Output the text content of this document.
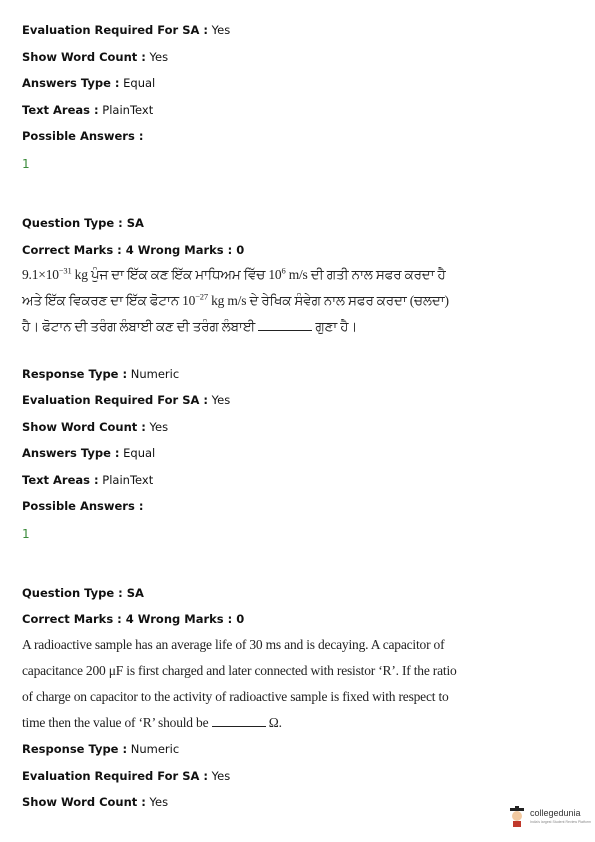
Evaluation Required For SA : Yes
Show Word Count : Yes
Answers Type : Equal
Text Areas : PlainText
Possible Answers :
1
Question Type : SA
Correct Marks : 4 Wrong Marks : 0
$9.1\times 10^{-31}$ kg ਪੁੰਜ ਦਾ ਇੱਕ ਕਣ ਇੱਕ ਮਾਧਿਅਮ ਵਿੱਚ $10^6$ m/s ਦੀ ਗਤੀ ਨਾਲ ਸਫਰ ਕਰਦਾ ਹੈ ਅਤੇ ਇੱਕ ਵਿਕਰਣ ਦਾ ਇੱਕ ਫੋਟਾਨ $10^{-27}$ kg m/s ਦੇ ਰੇਖਿਕ ਸੰਵੇਗ ਨਾਲ ਸਫਰ ਕਰਦਾ (ਚਲਦਾ) ਹੈ। ਫੋਟਾਨ ਦੀ ਤਰੰਗ ਲੰਬਾਈ ਕਣ ਦੀ ਤਰੰਗ ਲੰਬਾਈ	ਗੁਣਾ ਹੈ।
Response Type : Numeric
Evaluation Required For SA : Yes
Show Word Count : Yes
Answers Type : Equal
Text Areas : PlainText
Possible Answers :
1
Question Type : SA
Correct Marks : 4 Wrong Marks : 0
A radioactive sample has an average life of 30 ms and is decaying. A capacitor of capacitance 200 μF is first charged and later connected with resistor ‘R’. If the ratio of charge on capacitor to the activity of radioactive sample is fixed with respect to time then the value of ‘R’ should be	Ω.
Response Type : Numeric
Evaluation Required For SA : Yes
Show Word Count : Yes
collegedunia
India's largest Student Review Platform
